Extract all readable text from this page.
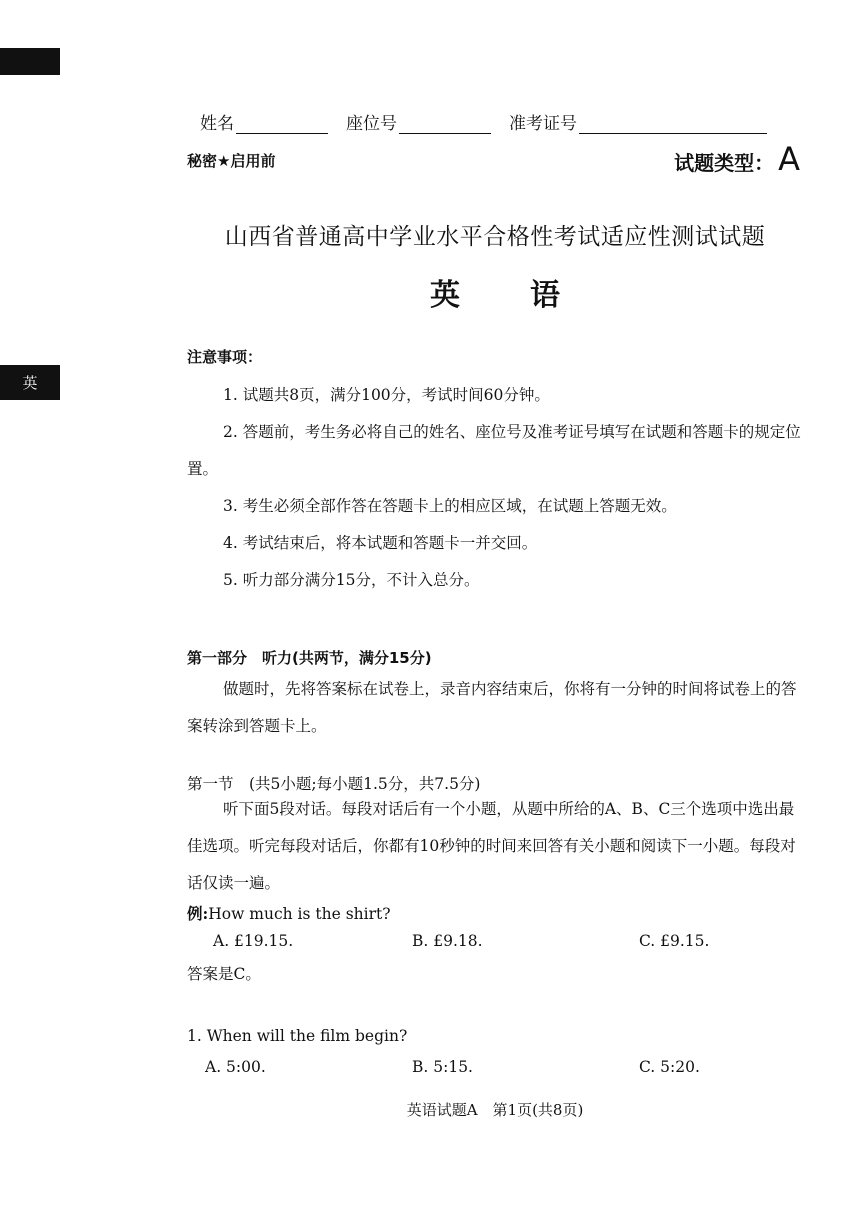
英
姓名	座位号	准考证号
秘密★启用前	试题类型： A
山西省普通高中学业水平合格性考试适应性测试试题
英 语
注意事项：
1. 试题共8页，满分100分，考试时间60分钟。
2. 答题前，考生务必将自己的姓名、座位号及准考证号填写在试题和答题卡的规定位置。
3. 考生必须全部作答在答题卡上的相应区域，在试题上答题无效。
4. 考试结束后，将本试题和答题卡一并交回。
5. 听力部分满分15分，不计入总分。
第一部分　听力(共两节，满分15分)
做题时，先将答案标在试卷上，录音内容结束后，你将有一分钟的时间将试卷上的答案转涂到答题卡上。
第一节　(共5小题;每小题1.5分，共7.5分)
听下面5段对话。每段对话后有一个小题，从题中所给的A、B、C三个选项中选出最佳选项。听完每段对话后，你都有10秒钟的时间来回答有关小题和阅读下一小题。每段对话仅读一遍。
例:How much is the shirt?
A. £19.15.	B. £9.18.	C. £9.15.
答案是C。
1. When will the film begin?
A. 5:00.	B. 5:15.	C. 5:20.
英语试题A　第1页(共8页)
